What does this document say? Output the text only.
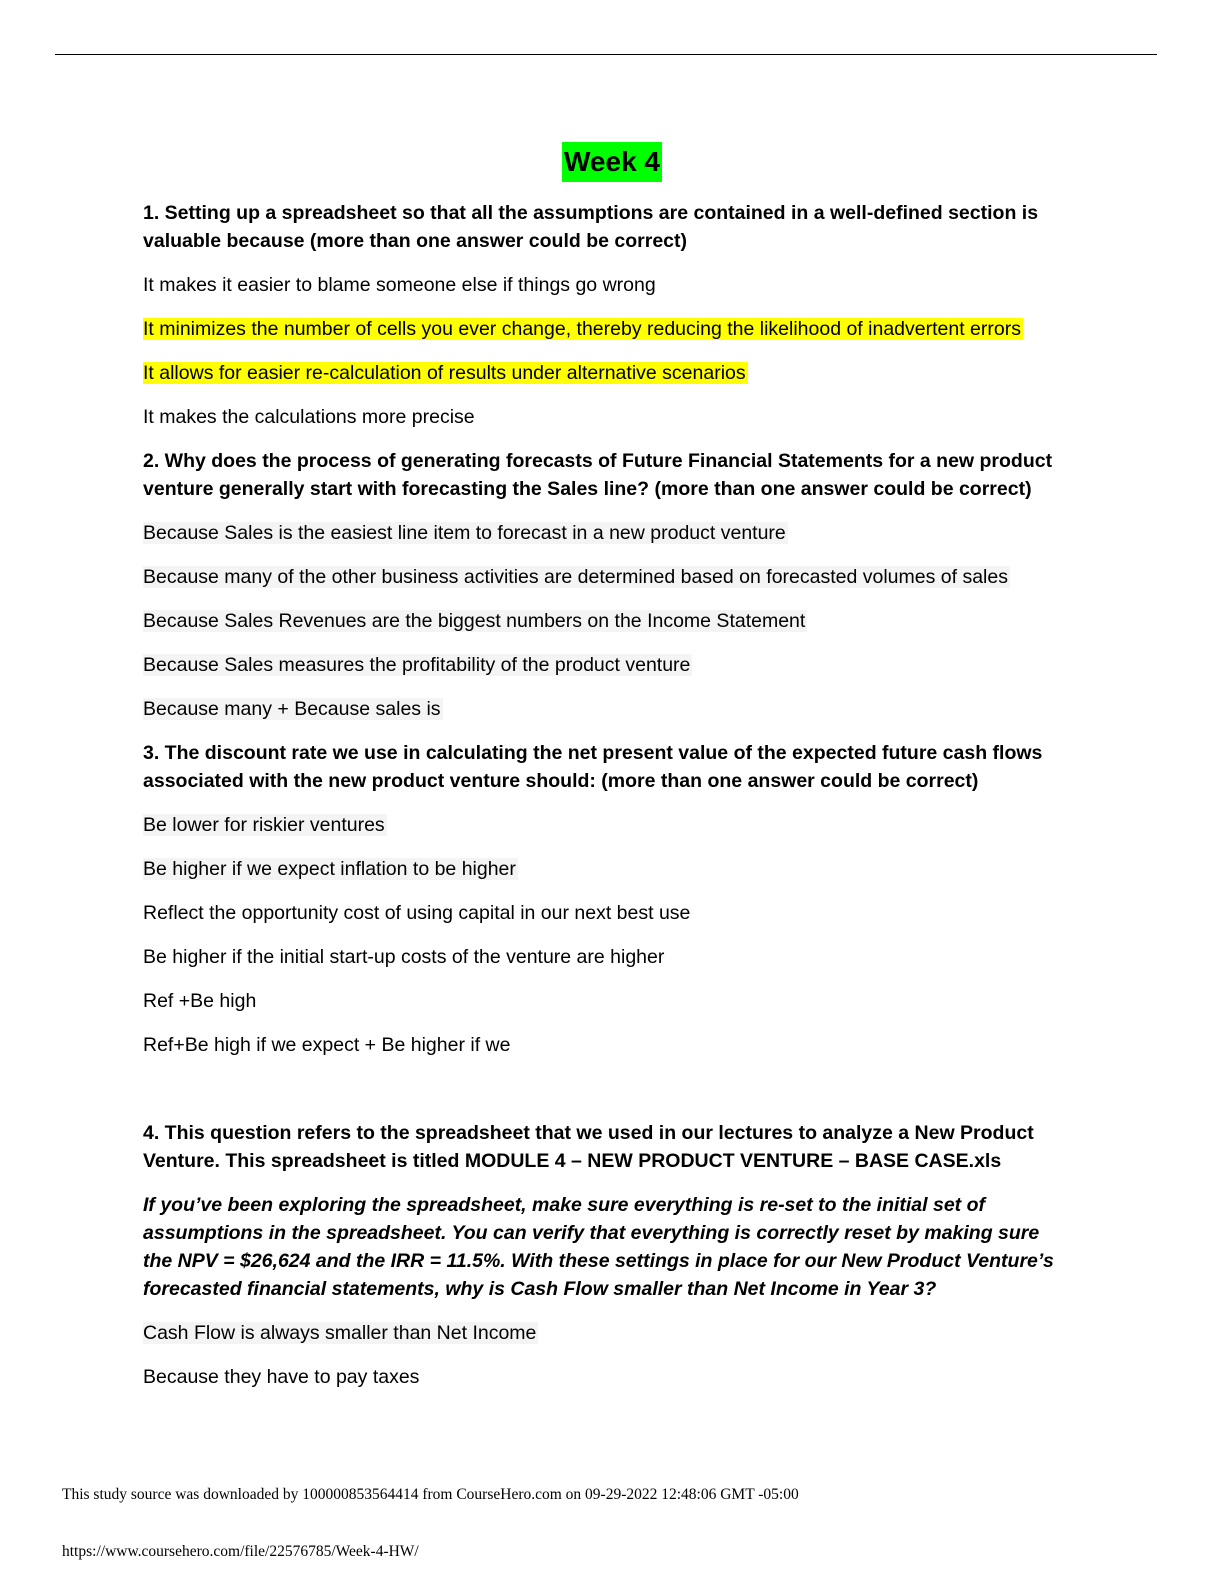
Week 4

1. Setting up a spreadsheet so that all the assumptions are contained in a well-defined section is valuable because (more than one answer could be correct)

It makes it easier to blame someone else if things go wrong

It minimizes the number of cells you ever change, thereby reducing the likelihood of inadvertent errors

It allows for easier re-calculation of results under alternative scenarios

It makes the calculations more precise

2. Why does the process of generating forecasts of Future Financial Statements for a new product venture generally start with forecasting the Sales line? (more than one answer could be correct)

Because Sales is the easiest line item to forecast in a new product venture

Because many of the other business activities are determined based on forecasted volumes of sales

Because Sales Revenues are the biggest numbers on the Income Statement

Because Sales measures the profitability of the product venture

Because many + Because sales is

3. The discount rate we use in calculating the net present value of the expected future cash flows associated with the new product venture should: (more than one answer could be correct)

Be lower for riskier ventures

Be higher if we expect inflation to be higher

Reflect the opportunity cost of using capital in our next best use

Be higher if the initial start-up costs of the venture are higher

Ref +Be high

Ref+Be high if we expect + Be higher if we

4. This question refers to the spreadsheet that we used in our lectures to analyze a New Product Venture. This spreadsheet is titled MODULE 4 – NEW PRODUCT VENTURE – BASE CASE.xls

If you’ve been exploring the spreadsheet, make sure everything is re-set to the initial set of assumptions in the spreadsheet. You can verify that everything is correctly reset by making sure the NPV = $26,624 and the IRR = 11.5%. With these settings in place for our New Product Venture’s forecasted financial statements, why is Cash Flow smaller than Net Income in Year 3?

Cash Flow is always smaller than Net Income

Because they have to pay taxes

This study source was downloaded by 100000853564414 from CourseHero.com on 09-29-2022 12:48:06 GMT -05:00
https://www.coursehero.com/file/22576785/Week-4-HW/
